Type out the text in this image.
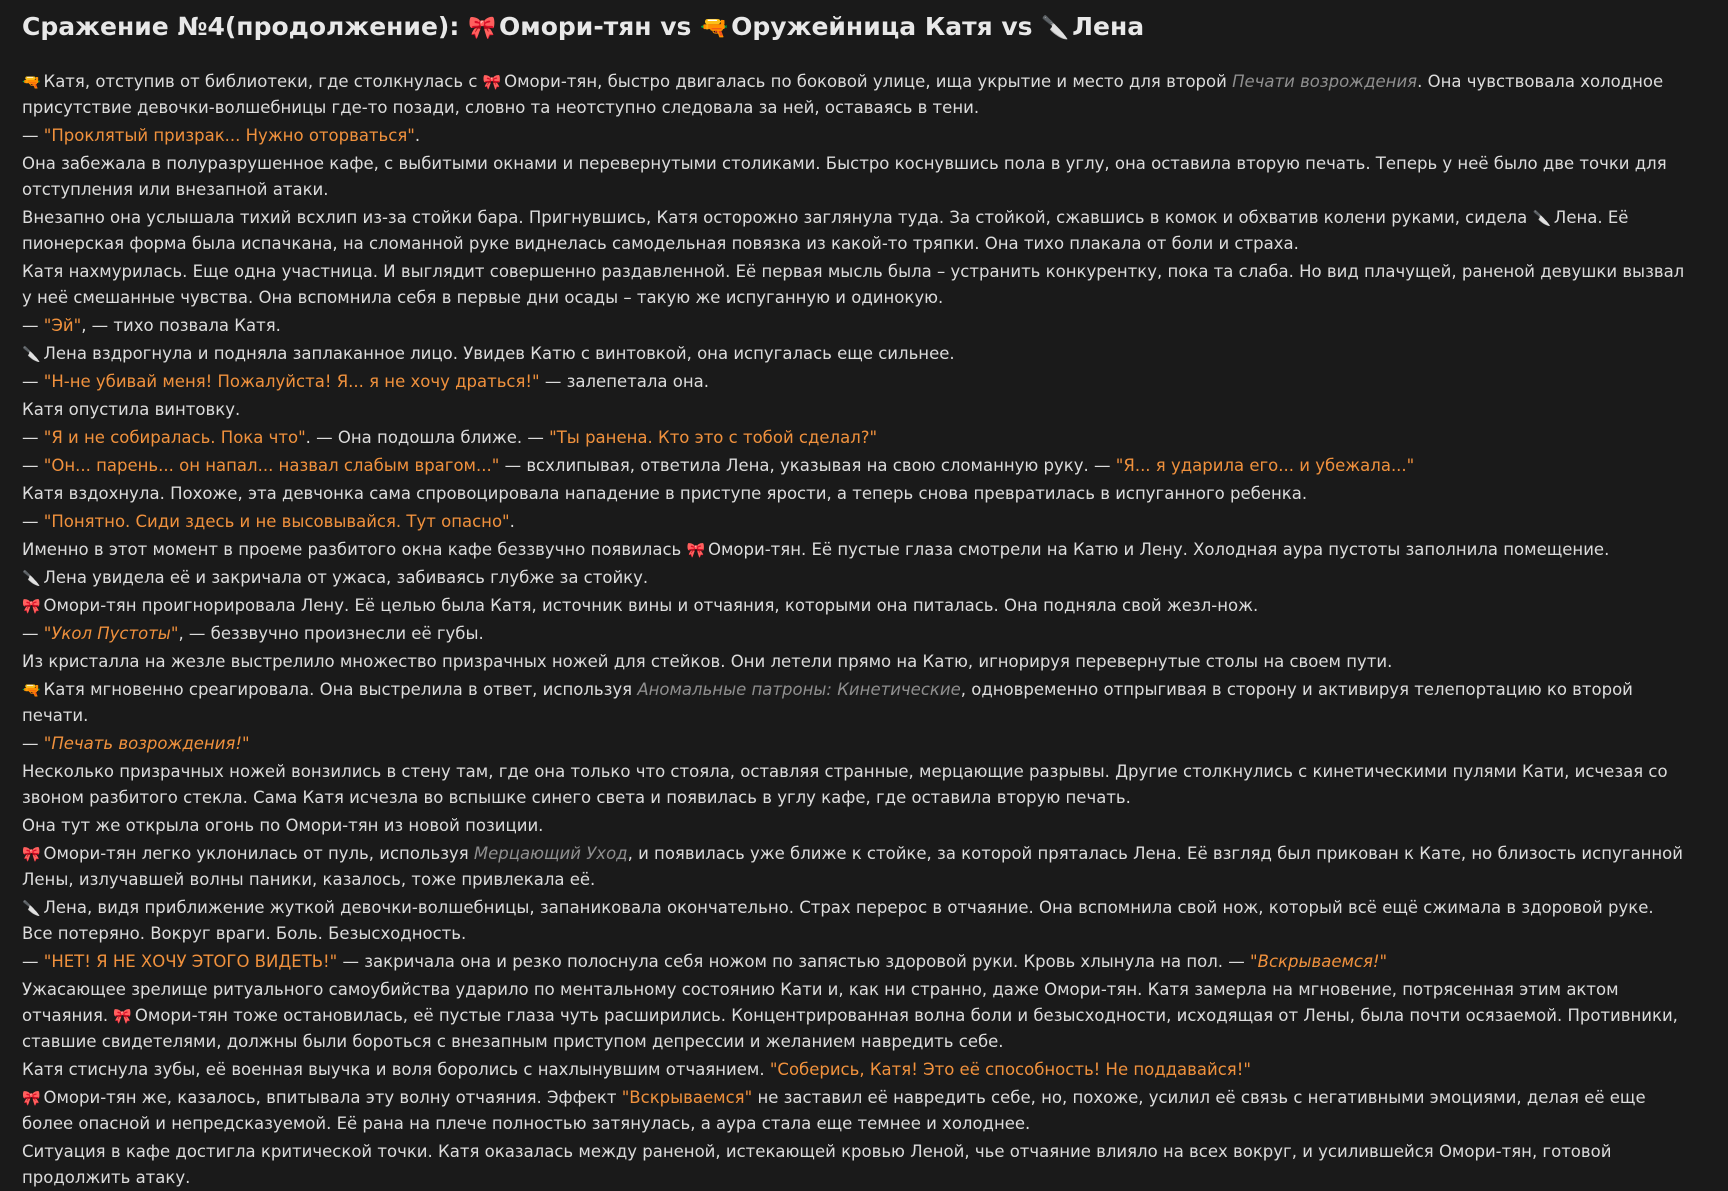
Сражение №4(продолжение): 🎀 Омори-тян vs 🔫 Оружейница Катя vs 🔪 Лена
🔫 Катя, отступив от библиотеки, где столкнулась с 🎀 Омори-тян, быстро двигалась по боковой улице, ища укрытие и место для второй Печати возрождения. Она чувствовала холодное присутствие девочки-волшебницы где-то позади, словно та неотступно следовала за ней, оставаясь в тени.
— "Проклятый призрак... Нужно оторваться".
Она забежала в полуразрушенное кафе, с выбитыми окнами и перевернутыми столиками. Быстро коснувшись пола в углу, она оставила вторую печать. Теперь у неё было две точки для отступления или внезапной атаки.
Внезапно она услышала тихий всхлип из-за стойки бара. Пригнувшись, Катя осторожно заглянула туда. За стойкой, сжавшись в комок и обхватив колени руками, сидела 🔪 Лена. Её пионерская форма была испачкана, на сломанной руке виднелась самодельная повязка из какой-то тряпки. Она тихо плакала от боли и страха.
Катя нахмурилась. Еще одна участница. И выглядит совершенно раздавленной. Её первая мысль была – устранить конкурентку, пока та слаба. Но вид плачущей, раненой девушки вызвал у неё смешанные чувства. Она вспомнила себя в первые дни осады – такую же испуганную и одинокую.
— "Эй", — тихо позвала Катя.
🔪 Лена вздрогнула и подняла заплаканное лицо. Увидев Катю с винтовкой, она испугалась еще сильнее.
— "Н-не убивай меня! Пожалуйста! Я... я не хочу драться!" — залепетала она.
Катя опустила винтовку.
— "Я и не собиралась. Пока что". — Она подошла ближе. — "Ты ранена. Кто это с тобой сделал?"
— "Он... парень... он напал... назвал слабым врагом..." — всхлипывая, ответила Лена, указывая на свою сломанную руку. — "Я... я ударила его... и убежала..."
Катя вздохнула. Похоже, эта девчонка сама спровоцировала нападение в приступе ярости, а теперь снова превратилась в испуганного ребенка.
— "Понятно. Сиди здесь и не высовывайся. Тут опасно".
Именно в этот момент в проеме разбитого окна кафе беззвучно появилась 🎀 Омори-тян. Её пустые глаза смотрели на Катю и Лену. Холодная аура пустоты заполнила помещение.
🔪 Лена увидела её и закричала от ужаса, забиваясь глубже за стойку.
🎀 Омори-тян проигнорировала Лену. Её целью была Катя, источник вины и отчаяния, которыми она питалась. Она подняла свой жезл-нож.
— "Укол Пустоты", — беззвучно произнесли её губы.
Из кристалла на жезле выстрелило множество призрачных ножей для стейков. Они летели прямо на Катю, игнорируя перевернутые столы на своем пути.
🔫 Катя мгновенно среагировала. Она выстрелила в ответ, используя Аномальные патроны: Кинетические, одновременно отпрыгивая в сторону и активируя телепортацию ко второй печати.
— "Печать возрождения!"
Несколько призрачных ножей вонзились в стену там, где она только что стояла, оставляя странные, мерцающие разрывы. Другие столкнулись с кинетическими пулями Кати, исчезая со звоном разбитого стекла. Сама Катя исчезла во вспышке синего света и появилась в углу кафе, где оставила вторую печать.
Она тут же открыла огонь по Омори-тян из новой позиции.
🎀 Омори-тян легко уклонилась от пуль, используя Мерцающий Уход, и появилась уже ближе к стойке, за которой пряталась Лена. Её взгляд был прикован к Кате, но близость испуганной Лены, излучавшей волны паники, казалось, тоже привлекала её.
🔪 Лена, видя приближение жуткой девочки-волшебницы, запаниковала окончательно. Страх перерос в отчаяние. Она вспомнила свой нож, который всё ещё сжимала в здоровой руке. Все потеряно. Вокруг враги. Боль. Безысходность.
— "НЕТ! Я НЕ ХОЧУ ЭТОГО ВИДЕТЬ!" — закричала она и резко полоснула себя ножом по запястью здоровой руки. Кровь хлынула на пол. — "Вскрываемся!"
Ужасающее зрелище ритуального самоубийства ударило по ментальному состоянию Кати и, как ни странно, даже Омори-тян. Катя замерла на мгновение, потрясенная этим актом отчаяния. 🎀 Омори-тян тоже остановилась, её пустые глаза чуть расширились. Концентрированная волна боли и безысходности, исходящая от Лены, была почти осязаемой. Противники, ставшие свидетелями, должны были бороться с внезапным приступом депрессии и желанием навредить себе.
Катя стиснула зубы, её военная выучка и воля боролись с нахлынувшим отчаянием. "Соберись, Катя! Это её способность! Не поддавайся!"
🎀 Омори-тян же, казалось, впитывала эту волну отчаяния. Эффект "Вскрываемся" не заставил её навредить себе, но, похоже, усилил её связь с негативными эмоциями, делая её еще более опасной и непредсказуемой. Её рана на плече полностью затянулась, а аура стала еще темнее и холоднее.
Ситуация в кафе достигла критической точки. Катя оказалась между раненой, истекающей кровью Леной, чье отчаяние влияло на всех вокруг, и усилившейся Омори-тян, готовой продолжить атаку.
